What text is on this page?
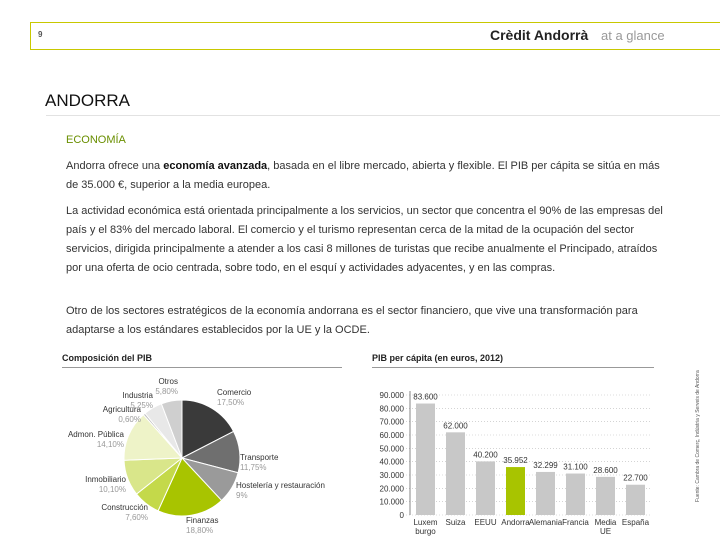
9	Crèdit Andorrà at a glance
ANDORRA
ECONOMÍA

Andorra ofrece una economía avanzada, basada en el libre mercado, abierta y flexible. El PIB per cápita se sitúa en más de 35.000 €, superior a la media europea.

La actividad económica está orientada principalmente a los servicios, un sector que concentra el 90% de las empresas del país y el 83% del mercado laboral. El comercio y el turismo representan cerca de la mitad de la ocupación del sector servicios, dirigida principalmente a atender a los casi 8 millones de turistas que recibe anualmente el Principado, atraídos por una oferta de ocio centrada, sobre todo, en el esquí y actividades adyacentes, y en las compras.

Otro de los sectores estratégicos de la economía andorrana es el sector financiero, que vive una transformación para adaptarse a los estándares establecidos por la UE y la OCDE.

Fuente: Cambra de Comerç, Indústria y Serveis de Andorra
Composición del PIB	PIB per cápita (en euros, 2012)
Comercio
17,50%
Transporte
11,75%
Hostelería y restauración
9%
Finanzas
18,80%
Construcción
7,60%
Inmobiliario
10,10%
Admon. Pública
14,10%
Agricultura
0,60%
Industria
5,25%
Otros
5,80%
0
10.000
20.000
30.000
40.000
50.000
60.000
70.000
80.000
90.000 83.600
Luxem
burgo
62.000
Suiza
40.200
EEUU
35.952
Andorra
32.299
Alemania
31.100
Francia
28.600
Media
UE
22.700
España
